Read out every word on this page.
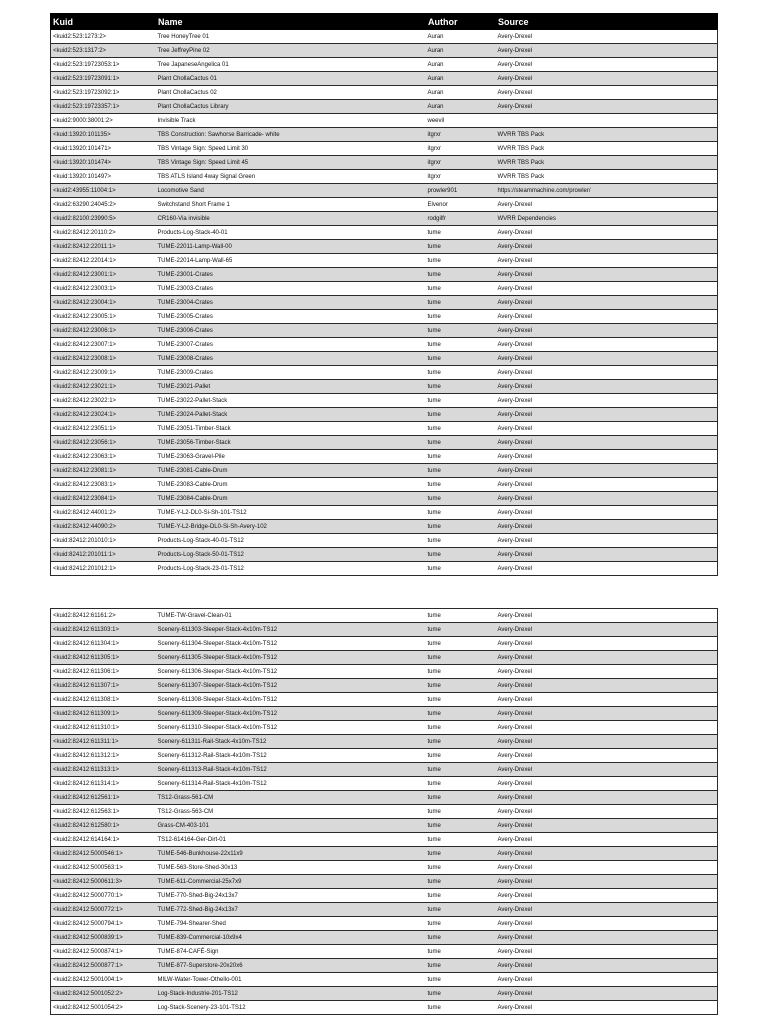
Kuid	Name	Author	Source
<kuid2:523:1273:2>	Tree HoneyTree 01	Auran	Avery-Drexel
<kuid2:523:1317:2>	Tree JeffreyPine 02	Auran	Avery-Drexel
<kuid2:523:19723053:1>	Tree JapaneseAngelica 01	Auran	Avery-Drexel
<kuid2:523:19723091:1>	Plant ChollaCactus 01	Auran	Avery-Drexel
<kuid2:523:19723092:1>	Plant ChollaCactus 02	Auran	Avery-Drexel
<kuid2:523:19723357:1>	Plant ChollaCactus Library	Auran	Avery-Drexel
<kuid2:9000:38001:2>	Invisible Track	weevil	
<kuid:13920:101135>	TBS Construction: Sawhorse Barricade- white	itgrxr	WVRR TBS Pack
<kuid:13920:101471>	TBS Vintage Sign: Speed Limit 30	itgrxr	WVRR TBS Pack
<kuid:13920:101474>	TBS Vintage Sign: Speed Limit 45	itgrxr	WVRR TBS Pack
<kuid:13920:101497>	TBS ATLS Island 4way Signal Green	itgrxr	WVRR TBS Pack
<kuid2:43955:11004:1>	Locomotive Sand	prowler901	https://steammachine.com/prowler/
<kuid2:63290:24045:2>	Switchstand Short Frame 1	Elvenor	Avery-Drexel
<kuid2:82100:23990:5>	CR160-Via invisible	rodgilfr	WVRR Dependencies
<kuid2:82412:20110:2>	Products-Log-Stack-40-01	tume	Avery-Drexel
<kuid2:82412:22011:1>	TUME-22011-Lamp-Wall-00	tume	Avery-Drexel
<kuid2:82412:22014:1>	TUME-22014-Lamp-Wall-65	tume	Avery-Drexel
<kuid2:82412:23001:1>	TUME-23001-Crates	tume	Avery-Drexel
<kuid2:82412:23003:1>	TUME-23003-Crates	tume	Avery-Drexel
<kuid2:82412:23004:1>	TUME-23004-Crates	tume	Avery-Drexel
<kuid2:82412:23005:1>	TUME-23005-Crates	tume	Avery-Drexel
<kuid2:82412:23006:1>	TUME-23006-Crates	tume	Avery-Drexel
<kuid2:82412:23007:1>	TUME-23007-Crates	tume	Avery-Drexel
<kuid2:82412:23008:1>	TUME-23008-Crates	tume	Avery-Drexel
<kuid2:82412:23009:1>	TUME-23009-Crates	tume	Avery-Drexel
<kuid2:82412:23021:1>	TUME-23021-Pallet	tume	Avery-Drexel
<kuid2:82412:23022:1>	TUME-23022-Pallet-Stack	tume	Avery-Drexel
<kuid2:82412:23024:1>	TUME-23024-Pallet-Stack	tume	Avery-Drexel
<kuid2:82412:23051:1>	TUME-23051-Timber-Stack	tume	Avery-Drexel
<kuid2:82412:23056:1>	TUME-23056-Timber-Stack	tume	Avery-Drexel
<kuid2:82412:23063:1>	TUME-23063-Gravel-Pile	tume	Avery-Drexel
<kuid2:82412:23081:1>	TUME-23081-Cable-Drum	tume	Avery-Drexel
<kuid2:82412:23083:1>	TUME-23083-Cable-Drum	tume	Avery-Drexel
<kuid2:82412:23084:1>	TUME-23084-Cable-Drum	tume	Avery-Drexel
<kuid2:82412:44001:2>	TUME-Y-L2-DL0-Si-Sh-101-TS12	tume	Avery-Drexel
<kuid2:82412:44090:2>	TUME-Y-L2-Bridge-DL0-Si-Sh-Avery-102	tume	Avery-Drexel
<kuid:82412:201010:1>	Products-Log-Stack-40-01-TS12	tume	Avery-Drexel
<kuid:82412:201011:1>	Products-Log-Stack-50-01-TS12	tume	Avery-Drexel
<kuid:82412:201012:1>	Products-Log-Stack-23-01-TS12	tume	Avery-Drexel
<kuid2:82412:61161:2>	TUME-TW-Gravel-Clean-01	tume	Avery-Drexel
<kuid2:82412:611303:1>	Scenery-611303-Sleeper-Stack-4x10m-TS12	tume	Avery-Drexel
<kuid2:82412:611304:1>	Scenery-611304-Sleeper-Stack-4x10m-TS12	tume	Avery-Drexel
<kuid2:82412:611305:1>	Scenery-611305-Sleeper-Stack-4x10m-TS12	tume	Avery-Drexel
<kuid2:82412:611306:1>	Scenery-611306-Sleeper-Stack-4x10m-TS12	tume	Avery-Drexel
<kuid2:82412:611307:1>	Scenery-611307-Sleeper-Stack-4x10m-TS12	tume	Avery-Drexel
<kuid2:82412:611308:1>	Scenery-611308-Sleeper-Stack-4x10m-TS12	tume	Avery-Drexel
<kuid2:82412:611309:1>	Scenery-611309-Sleeper-Stack-4x10m-TS12	tume	Avery-Drexel
<kuid2:82412:611310:1>	Scenery-611310-Sleeper-Stack-4x10m-TS12	tume	Avery-Drexel
<kuid2:82412:611311:1>	Scenery-611311-Rail-Stack-4x10m-TS12	tume	Avery-Drexel
<kuid2:82412:611312:1>	Scenery-611312-Rail-Stack-4x10m-TS12	tume	Avery-Drexel
<kuid2:82412:611313:1>	Scenery-611313-Rail-Stack-4x10m-TS12	tume	Avery-Drexel
<kuid2:82412:611314:1>	Scenery-611314-Rail-Stack-4x10m-TS12	tume	Avery-Drexel
<kuid2:82412:612561:1>	TS12-Grass-561-CM	tume	Avery-Drexel
<kuid2:82412:612563:1>	TS12-Grass-563-CM	tume	Avery-Drexel
<kuid2:82412:612580:1>	Grass-CM-403-101	tume	Avery-Drexel
<kuid2:82412:614164:1>	TS12-614164-Ger-Dirt-01	tume	Avery-Drexel
<kuid2:82412:5000546:1>	TUME-546-Bunkhouse-22x11x9	tume	Avery-Drexel
<kuid2:82412:5000563:1>	TUME-563-Store-Shed-30x13	tume	Avery-Drexel
<kuid2:82412:5000611:3>	TUME-611-Commercial-25x7x9	tume	Avery-Drexel
<kuid2:82412:5000770:1>	TUME-770-Shed-Big-24x13x7	tume	Avery-Drexel
<kuid2:82412:5000772:1>	TUME-772-Shed-Big-24x13x7	tume	Avery-Drexel
<kuid2:82412:5000794:1>	TUME-794-Shearer-Shed	tume	Avery-Drexel
<kuid2:82412:5000839:1>	TUME-839-Commercial-10x9x4	tume	Avery-Drexel
<kuid2:82412:5000874:1>	TUME-874-CAFÉ-Sign	tume	Avery-Drexel
<kuid2:82412:5000877:1>	TUME-877-Superstore-20x20x6	tume	Avery-Drexel
<kuid2:82412:5001004:1>	MILW-Water-Tower-Othello-001	tume	Avery-Drexel
<kuid2:82412:5001052:2>	Log-Stack-Industrie-201-TS12	tume	Avery-Drexel
<kuid2:82412:5001054:2>	Log-Stack-Scenery-23-101-TS12	tume	Avery-Drexel
